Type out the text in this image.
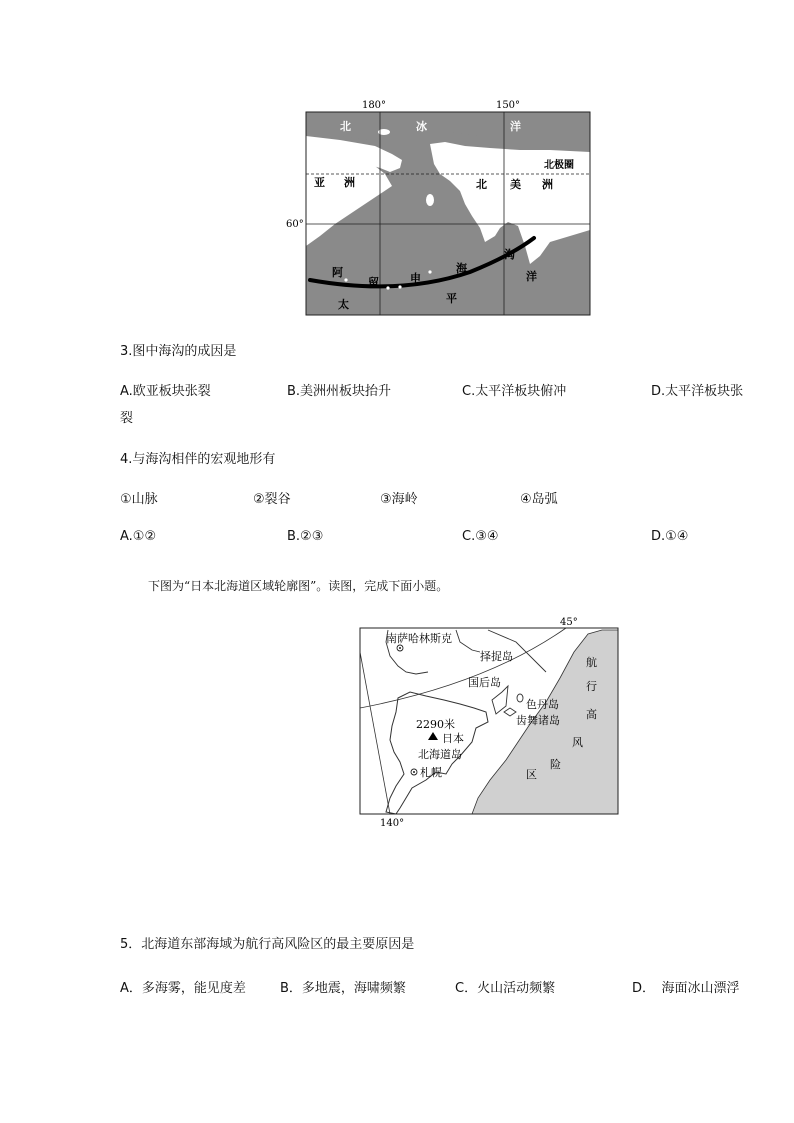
180°	150°
60°
北极圈
北	冰	洋
亚 洲	北 美 洲
阿
留	申
海
沟
太	平
洋
3.图中海沟的成因是
A.欧亚板块张裂	B.美洲州板块抬升	C.太平洋板块俯冲	D.太平洋板块张
裂
4.与海沟相伴的宏观地形有
①山脉	②裂谷	③海岭	④岛弧
A.①②	B.②③	C.③④	D.①④
下图为“日本北海道区域轮廓图”。读图，完成下面小题。
45°
140°
南萨哈林斯克
择捉岛
国后岛
色丹岛
齿舞诸岛
2290米
日本
北海道岛
札幌
航
行
高
风
险
区
5．北海道东部海域为航行高风险区的最主要原因是
A．多海雾，能见度差	B．多地震，海啸频繁	C．火山活动频繁	D．　海面冰山漂浮
